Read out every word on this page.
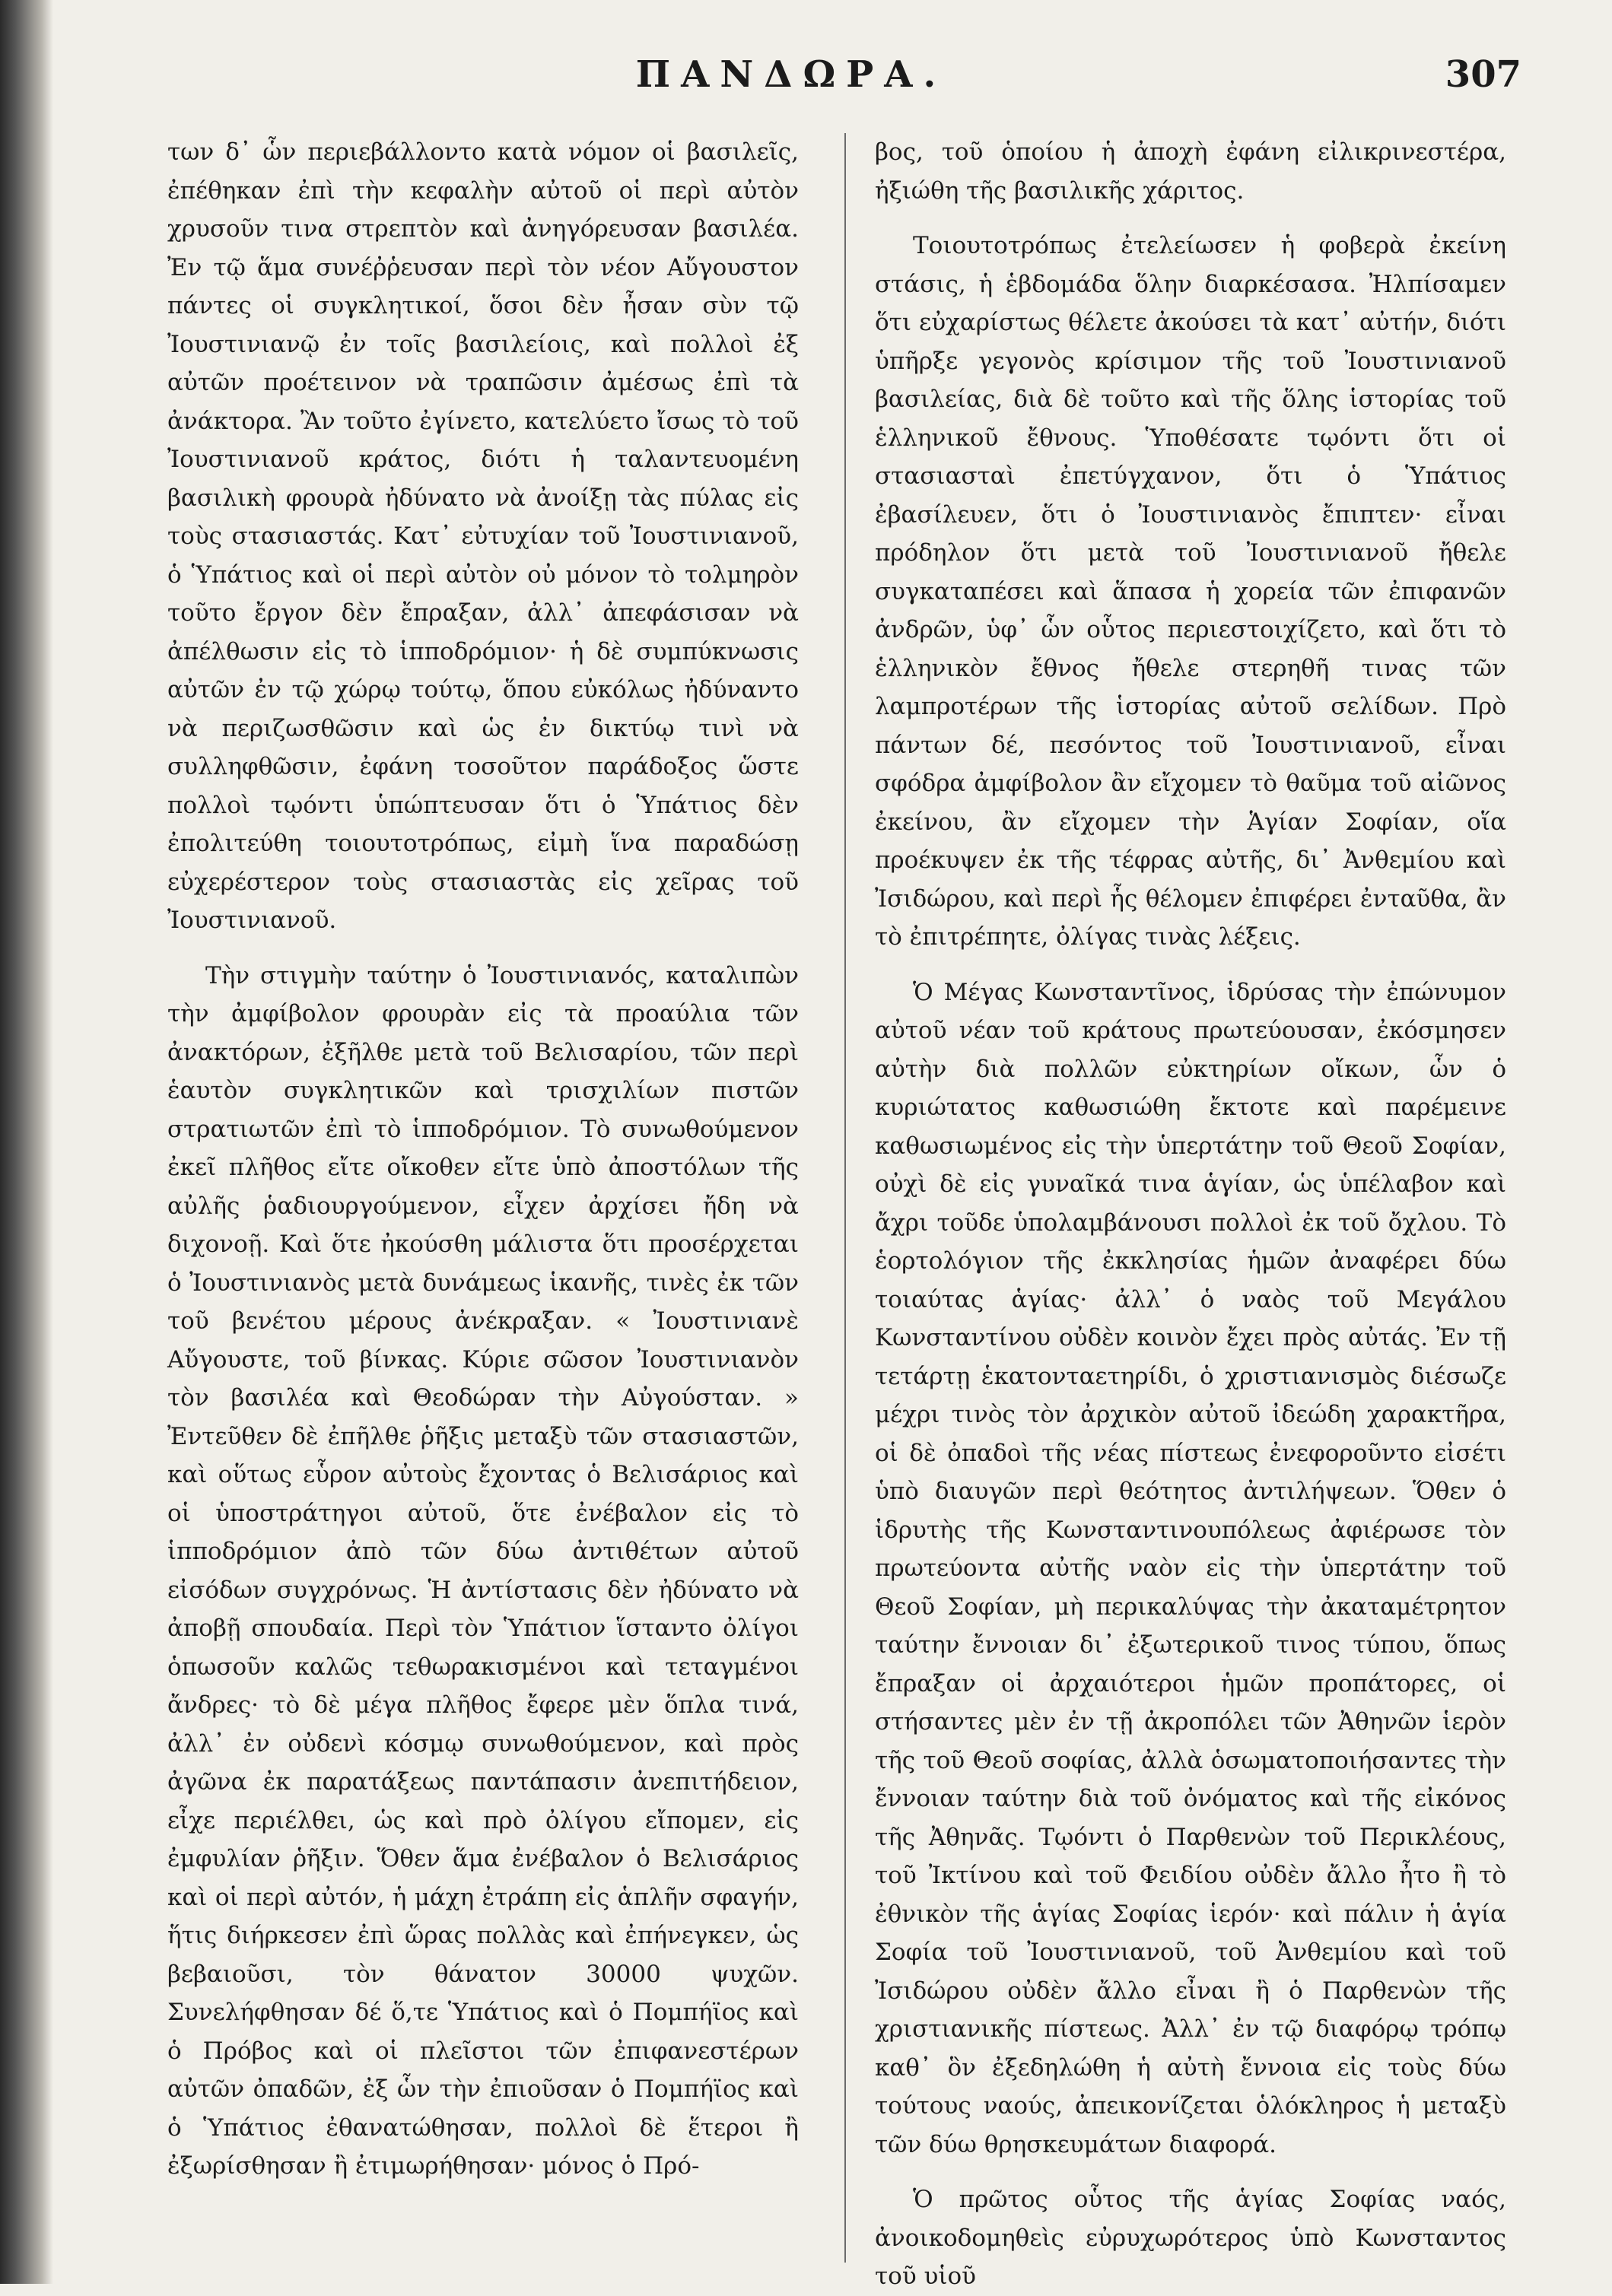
ΠΑΝΔΩΡΑ.	307

των δ᾽ ὧν περιεβάλλοντο κατὰ νόμον οἱ βασιλεῖς, ἐπέθηκαν ἐπὶ τὴν κεφαλὴν αὐτοῦ οἱ περὶ αὐτὸν χρυσοῦν τινα στρεπτὸν καὶ ἀνηγόρευσαν βασιλέα. Ἐν τῷ ἅμα συνέῤῥευσαν περὶ τὸν νέον Αὔγουστον πάντες οἱ συγκλητικοί, ὅσοι δὲν ἦσαν σὺν τῷ Ἰουστινιανῷ ἐν τοῖς βασιλείοις, καὶ πολλοὶ ἐξ αὐτῶν προέτεινον νὰ τραπῶσιν ἀμέσως ἐπὶ τὰ ἀνάκτορα. Ἂν τοῦτο ἐγίνετο, κατελύετο ἴσως τὸ τοῦ Ἰουστινιανοῦ κράτος, διότι ἡ ταλαντευομένη βασιλικὴ φρουρὰ ἠδύνατο νὰ ἀνοίξῃ τὰς πύλας εἰς τοὺς στασιαστάς. Κατ᾽ εὐτυχίαν τοῦ Ἰουστινιανοῦ, ὁ Ὑπάτιος καὶ οἱ περὶ αὐτὸν οὐ μόνον τὸ τολμηρὸν τοῦτο ἔργον δὲν ἔπραξαν, ἀλλ᾽ ἀπεφάσισαν νὰ ἀπέλθωσιν εἰς τὸ ἱπποδρόμιον· ἡ δὲ συμπύκνωσις αὐτῶν ἐν τῷ χώρῳ τούτῳ, ὅπου εὐκόλως ἠδύναντο νὰ περιζωσθῶσιν καὶ ὡς ἐν δικτύῳ τινὶ νὰ συλληφθῶσιν, ἐφάνη τοσοῦτον παράδοξος ὥστε πολλοὶ τῳόντι ὑπώπτευσαν ὅτι ὁ Ὑπάτιος δὲν ἐπολιτεύθη τοιουτοτρόπως, εἰμὴ ἵνα παραδώσῃ εὐχερέστερον τοὺς στασιαστὰς εἰς χεῖρας τοῦ Ἰουστινιανοῦ.

Τὴν στιγμὴν ταύτην ὁ Ἰουστινιανός, καταλιπὼν τὴν ἀμφίβολον φρουρὰν εἰς τὰ προαύλια τῶν ἀνακτόρων, ἐξῆλθε μετὰ τοῦ Βελισαρίου, τῶν περὶ ἑαυτὸν συγκλητικῶν καὶ τρισχιλίων πιστῶν στρατιωτῶν ἐπὶ τὸ ἱπποδρόμιον. Τὸ συνωθούμενον ἐκεῖ πλῆθος εἴτε οἴκοθεν εἴτε ὑπὸ ἀποστόλων τῆς αὐλῆς ῥαδιουργούμενον, εἶχεν ἀρχίσει ἤδη νὰ διχονοῇ. Καὶ ὅτε ἠκούσθη μάλιστα ὅτι προσέρχεται ὁ Ἰουστινιανὸς μετὰ δυνάμεως ἱκανῆς, τινὲς ἐκ τῶν τοῦ βενέτου μέρους ἀνέκραξαν. « Ἰουστινιανὲ Αὔγουστε, τοῦ βίνκας. Κύριε σῶσον Ἰουστινιανὸν τὸν βασιλέα καὶ Θεοδώραν τὴν Αὐγούσταν. » Ἐντεῦθεν δὲ ἐπῆλθε ῥῆξις μεταξὺ τῶν στασιαστῶν, καὶ οὕτως εὗρον αὐτοὺς ἔχοντας ὁ Βελισάριος καὶ οἱ ὑποστράτηγοι αὐτοῦ, ὅτε ἐνέβαλον εἰς τὸ ἱπποδρόμιον ἀπὸ τῶν δύω ἀντιθέτων αὐτοῦ εἰσόδων συγχρόνως. Ἡ ἀντίστασις δὲν ἠδύνατο νὰ ἀποβῇ σπουδαία. Περὶ τὸν Ὑπάτιον ἵσταντο ὀλίγοι ὁπωσοῦν καλῶς τεθωρακισμένοι καὶ τεταγμένοι ἄνδρες· τὸ δὲ μέγα πλῆθος ἔφερε μὲν ὅπλα τινά, ἀλλ᾽ ἐν οὐδενὶ κόσμῳ συνωθούμενον, καὶ πρὸς ἀγῶνα ἐκ παρατάξεως παντάπασιν ἀνεπιτήδειον, εἶχε περιέλθει, ὡς καὶ πρὸ ὀλίγου εἴπομεν, εἰς ἐμφυλίαν ῥῆξιν. Ὅθεν ἅμα ἐνέβαλον ὁ Βελισάριος καὶ οἱ περὶ αὐτόν, ἡ μάχη ἐτράπη εἰς ἁπλῆν σφαγήν, ἥτις διήρκεσεν ἐπὶ ὥρας πολλὰς καὶ ἐπήνεγκεν, ὡς βεβαιοῦσι, τὸν θάνατον 30000 ψυχῶν. Συνελήφθησαν δέ ὅ,τε Ὑπάτιος καὶ ὁ Πομπήϊος καὶ ὁ Πρόβος καὶ οἱ πλεῖστοι τῶν ἐπιφανεστέρων αὐτῶν ὀπαδῶν, ἐξ ὧν τὴν ἐπιοῦσαν ὁ Πομπήϊος καὶ ὁ Ὑπάτιος ἐθανατώθησαν, πολλοὶ δὲ ἕτεροι ἢ ἐξωρίσθησαν ἢ ἐτιμωρήθησαν· μόνος ὁ Πρό-

βος, τοῦ ὁποίου ἡ ἀποχὴ ἐφάνη εἰλικρινεστέρα, ἠξιώθη τῆς βασιλικῆς χάριτος.

Τοιουτοτρόπως ἐτελείωσεν ἡ φοβερὰ ἐκείνη στάσις, ἡ ἑβδομάδα ὅλην διαρκέσασα. Ἠλπίσαμεν ὅτι εὐχαρίστως θέλετε ἀκούσει τὰ κατ᾽ αὐτήν, διότι ὑπῆρξε γεγονὸς κρίσιμον τῆς τοῦ Ἰουστινιανοῦ βασιλείας, διὰ δὲ τοῦτο καὶ τῆς ὅλης ἱστορίας τοῦ ἑλληνικοῦ ἔθνους. Ὑποθέσατε τῳόντι ὅτι οἱ στασιασταὶ ἐπετύγχανον, ὅτι ὁ Ὑπάτιος ἐβασίλευεν, ὅτι ὁ Ἰουστινιανὸς ἔπιπτεν· εἶναι πρόδηλον ὅτι μετὰ τοῦ Ἰουστινιανοῦ ἤθελε συγκαταπέσει καὶ ἅπασα ἡ χορεία τῶν ἐπιφανῶν ἀνδρῶν, ὑφ᾽ ὧν οὗτος περιεστοιχίζετο, καὶ ὅτι τὸ ἑλληνικὸν ἔθνος ἤθελε στερηθῆ τινας τῶν λαμπροτέρων τῆς ἱστορίας αὐτοῦ σελίδων. Πρὸ πάντων δέ, πεσόντος τοῦ Ἰουστινιανοῦ, εἶναι σφόδρα ἀμφίβολον ἂν εἴχομεν τὸ θαῦμα τοῦ αἰῶνος ἐκείνου, ἂν εἴχομεν τὴν Ἁγίαν Σοφίαν, οἵα προέκυψεν ἐκ τῆς τέφρας αὐτῆς, δι᾽ Ἀνθεμίου καὶ Ἰσιδώρου, καὶ περὶ ἧς θέλομεν ἐπιφέρει ἐνταῦθα, ἂν τὸ ἐπιτρέπητε, ὀλίγας τινὰς λέξεις.

Ὁ Μέγας Κωνσταντῖνος, ἱδρύσας τὴν ἐπώνυμον αὐτοῦ νέαν τοῦ κράτους πρωτεύουσαν, ἐκόσμησεν αὐτὴν διὰ πολλῶν εὐκτηρίων οἴκων, ὧν ὁ κυριώτατος καθωσιώθη ἔκτοτε καὶ παρέμεινε καθωσιωμένος εἰς τὴν ὑπερτάτην τοῦ Θεοῦ Σοφίαν, οὐχὶ δὲ εἰς γυναῖκά τινα ἁγίαν, ὡς ὑπέλαβον καὶ ἄχρι τοῦδε ὑπολαμβάνουσι πολλοὶ ἐκ τοῦ ὄχλου. Τὸ ἑορτολόγιον τῆς ἐκκλησίας ἡμῶν ἀναφέρει δύω τοιαύτας ἁγίας· ἀλλ᾽ ὁ ναὸς τοῦ Μεγάλου Κωνσταντίνου οὐδὲν κοινὸν ἔχει πρὸς αὐτάς. Ἐν τῇ τετάρτῃ ἑκατονταετηρίδι, ὁ χριστιανισμὸς διέσωζε μέχρι τινὸς τὸν ἀρχικὸν αὐτοῦ ἰδεώδη χαρακτῆρα, οἱ δὲ ὀπαδοὶ τῆς νέας πίστεως ἐνεφοροῦντο εἰσέτι ὑπὸ διαυγῶν περὶ θεότητος ἀντιλήψεων. Ὅθεν ὁ ἱδρυτὴς τῆς Κωνσταντινουπόλεως ἀφιέρωσε τὸν πρωτεύοντα αὐτῆς ναὸν εἰς τὴν ὑπερτάτην τοῦ Θεοῦ Σοφίαν, μὴ περικαλύψας τὴν ἀκαταμέτρητον ταύτην ἔννοιαν δι᾽ ἐξωτερικοῦ τινος τύπου, ὅπως ἔπραξαν οἱ ἀρχαιότεροι ἡμῶν προπάτορες, οἱ στήσαντες μὲν ἐν τῇ ἀκροπόλει τῶν Ἀθηνῶν ἱερὸν τῆς τοῦ Θεοῦ σοφίας, ἀλλὰ ὁσωματοποιήσαντες τὴν ἔννοιαν ταύτην διὰ τοῦ ὀνόματος καὶ τῆς εἰκόνος τῆς Ἀθηνᾶς. Τῳόντι ὁ Παρθενὼν τοῦ Περικλέους, τοῦ Ἰκτίνου καὶ τοῦ Φειδίου οὐδὲν ἄλλο ἦτο ἢ τὸ ἐθνικὸν τῆς ἁγίας Σοφίας ἱερόν· καὶ πάλιν ἡ ἁγία Σοφία τοῦ Ἰουστινιανοῦ, τοῦ Ἀνθεμίου καὶ τοῦ Ἰσιδώρου οὐδὲν ἄλλο εἶναι ἢ ὁ Παρθενὼν τῆς χριστιανικῆς πίστεως. Ἀλλ᾽ ἐν τῷ διαφόρῳ τρόπῳ καθ᾽ ὃν ἐξεδηλώθη ἡ αὐτὴ ἔννοια εἰς τοὺς δύω τούτους ναούς, ἀπεικονίζεται ὁλόκληρος ἡ μεταξὺ τῶν δύω θρησκευμάτων διαφορά.

Ὁ πρῶτος οὗτος τῆς ἁγίας Σοφίας ναός, ἀνοικοδομηθεὶς εὐρυχωρότερος ὑπὸ Κωνσταντος τοῦ υἱοῦ
